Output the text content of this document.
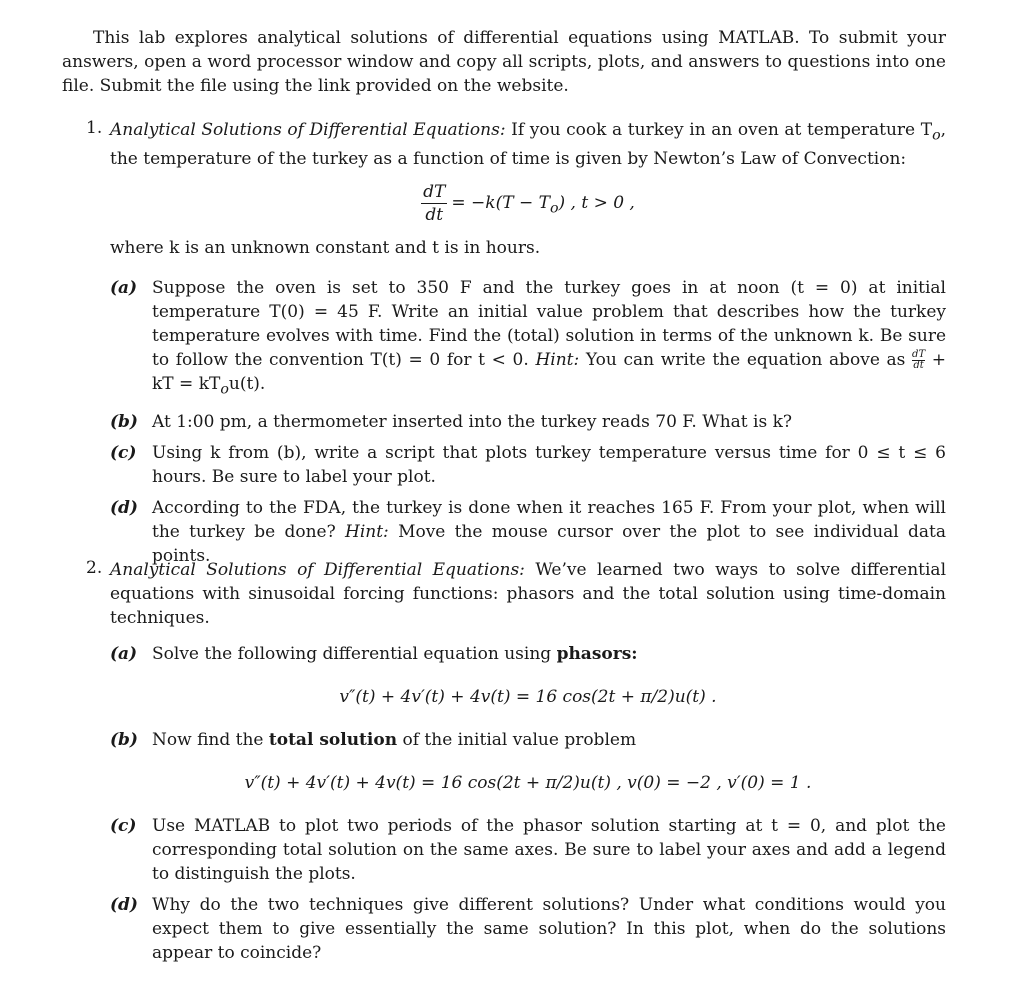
This lab explores analytical solutions of differential equations using MATLAB. To submit your answers, open a word processor window and copy all scripts, plots, and answers to questions into one file. Submit the file using the link provided on the website.

1. Analytical Solutions of Differential Equations: If you cook a turkey in an oven at temperature $T_o$, the temperature of the turkey as a function of time is given by Newton’s Law of Convection:
$\frac{dT}{dt} = -k(T - T_o)$ , t > 0 ,
where k is an unknown constant and t is in hours.
(a) Suppose the oven is set to 350 F and the turkey goes in at noon (t = 0) at initial temperature T(0) = 45 F. Write an initial value problem that describes how the turkey temperature evolves with time. Find the (total) solution in terms of the unknown k. Be sure to follow the convention T(t) = 0 for t < 0. Hint: You can write the equation above as $\frac{dT}{dt}$ + kT = $kT_ou(t)$.
(b) At 1:00 pm, a thermometer inserted into the turkey reads 70 F. What is k?
(c) Using k from (b), write a script that plots turkey temperature versus time for 0 ≤ t ≤ 6 hours. Be sure to label your plot.
(d) According to the FDA, the turkey is done when it reaches 165 F. From your plot, when will the turkey be done? Hint: Move the mouse cursor over the plot to see individual data points.
2. Analytical Solutions of Differential Equations: We’ve learned two ways to solve differential equations with sinusoidal forcing functions: phasors and the total solution using time-domain techniques.
(a) Solve the following differential equation using phasors:
v″(t) + 4v′(t) + 4v(t) = 16 cos(2t + π/2)u(t) .
(b) Now find the total solution of the initial value problem
v″(t) + 4v′(t) + 4v(t) = 16 cos(2t + π/2)u(t) , v(0) = −2 , v′(0) = 1 .
(c) Use MATLAB to plot two periods of the phasor solution starting at t = 0, and plot the corresponding total solution on the same axes. Be sure to label your axes and add a legend to distinguish the plots.
(d) Why do the two techniques give different solutions? Under what conditions would you expect them to give essentially the same solution? In this plot, when do the solutions appear to coincide?
